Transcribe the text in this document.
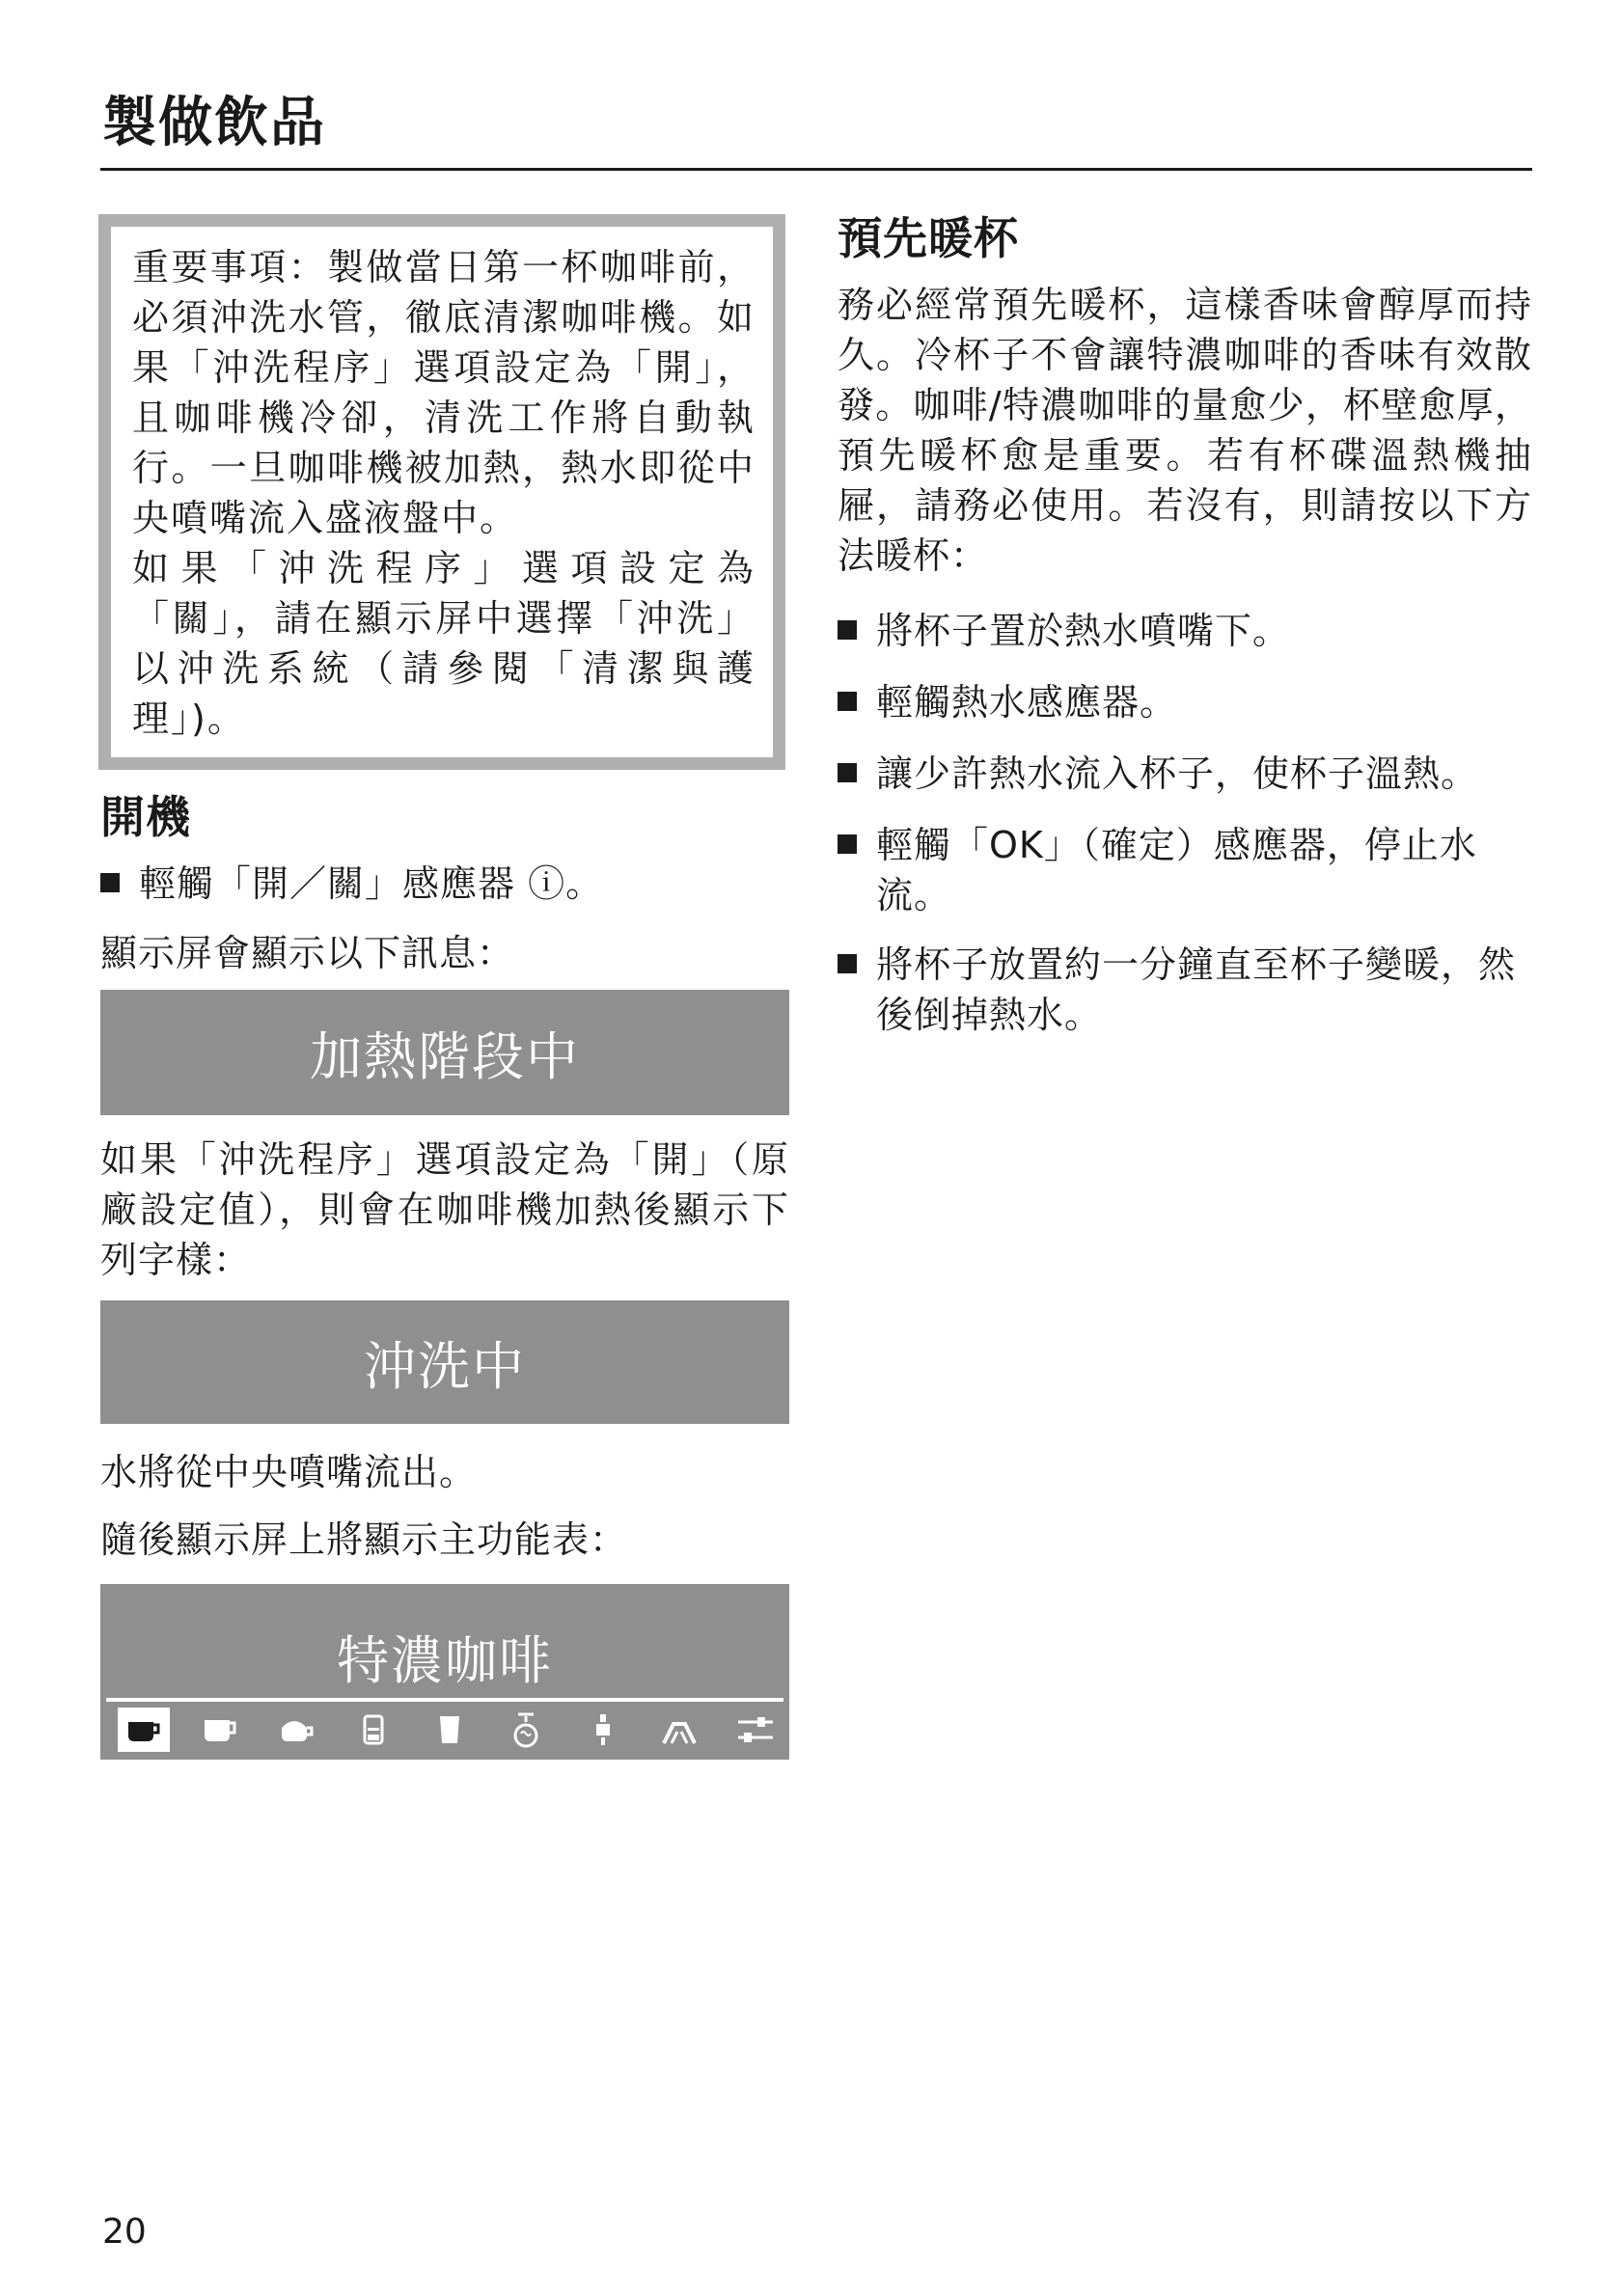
製做飲品

重要事項：製做當日第一杯咖啡前，必須沖洗水管，徹底清潔咖啡機。如果「沖洗程序」選項設定為「開」，且咖啡機冷卻，清洗工作將自動執行。一旦咖啡機被加熱，熱水即從中央噴嘴流入盛液盤中。

如果「沖洗程序」選項設定為「關」，請在顯示屏中選擇「沖洗」以沖洗系統（請參閱「清潔與護理」)。

開機

輕觸「開／關」感應器 ⓘ。

顯示屏會顯示以下訊息：

加熱階段中

如果「沖洗程序」選項設定為「開」（原廠設定值），則會在咖啡機加熱後顯示下列字樣：

沖洗中

水將從中央噴嘴流出。

隨後顯示屏上將顯示主功能表：

特濃咖啡
預先暖杯

務必經常預先暖杯，這樣香味會醇厚而持久。冷杯子不會讓特濃咖啡的香味有效散發。咖啡/特濃咖啡的量愈少，杯壁愈厚，預先暖杯愈是重要。若有杯碟溫熱機抽屜，請務必使用。若沒有，則請按以下方法暖杯：

將杯子置於熱水噴嘴下。

輕觸熱水感應器。

讓少許熱水流入杯子，使杯子溫熱。

輕觸「OK」（確定）感應器，停止水流。

將杯子放置約一分鐘直至杯子變暖，然後倒掉熱水。

20
